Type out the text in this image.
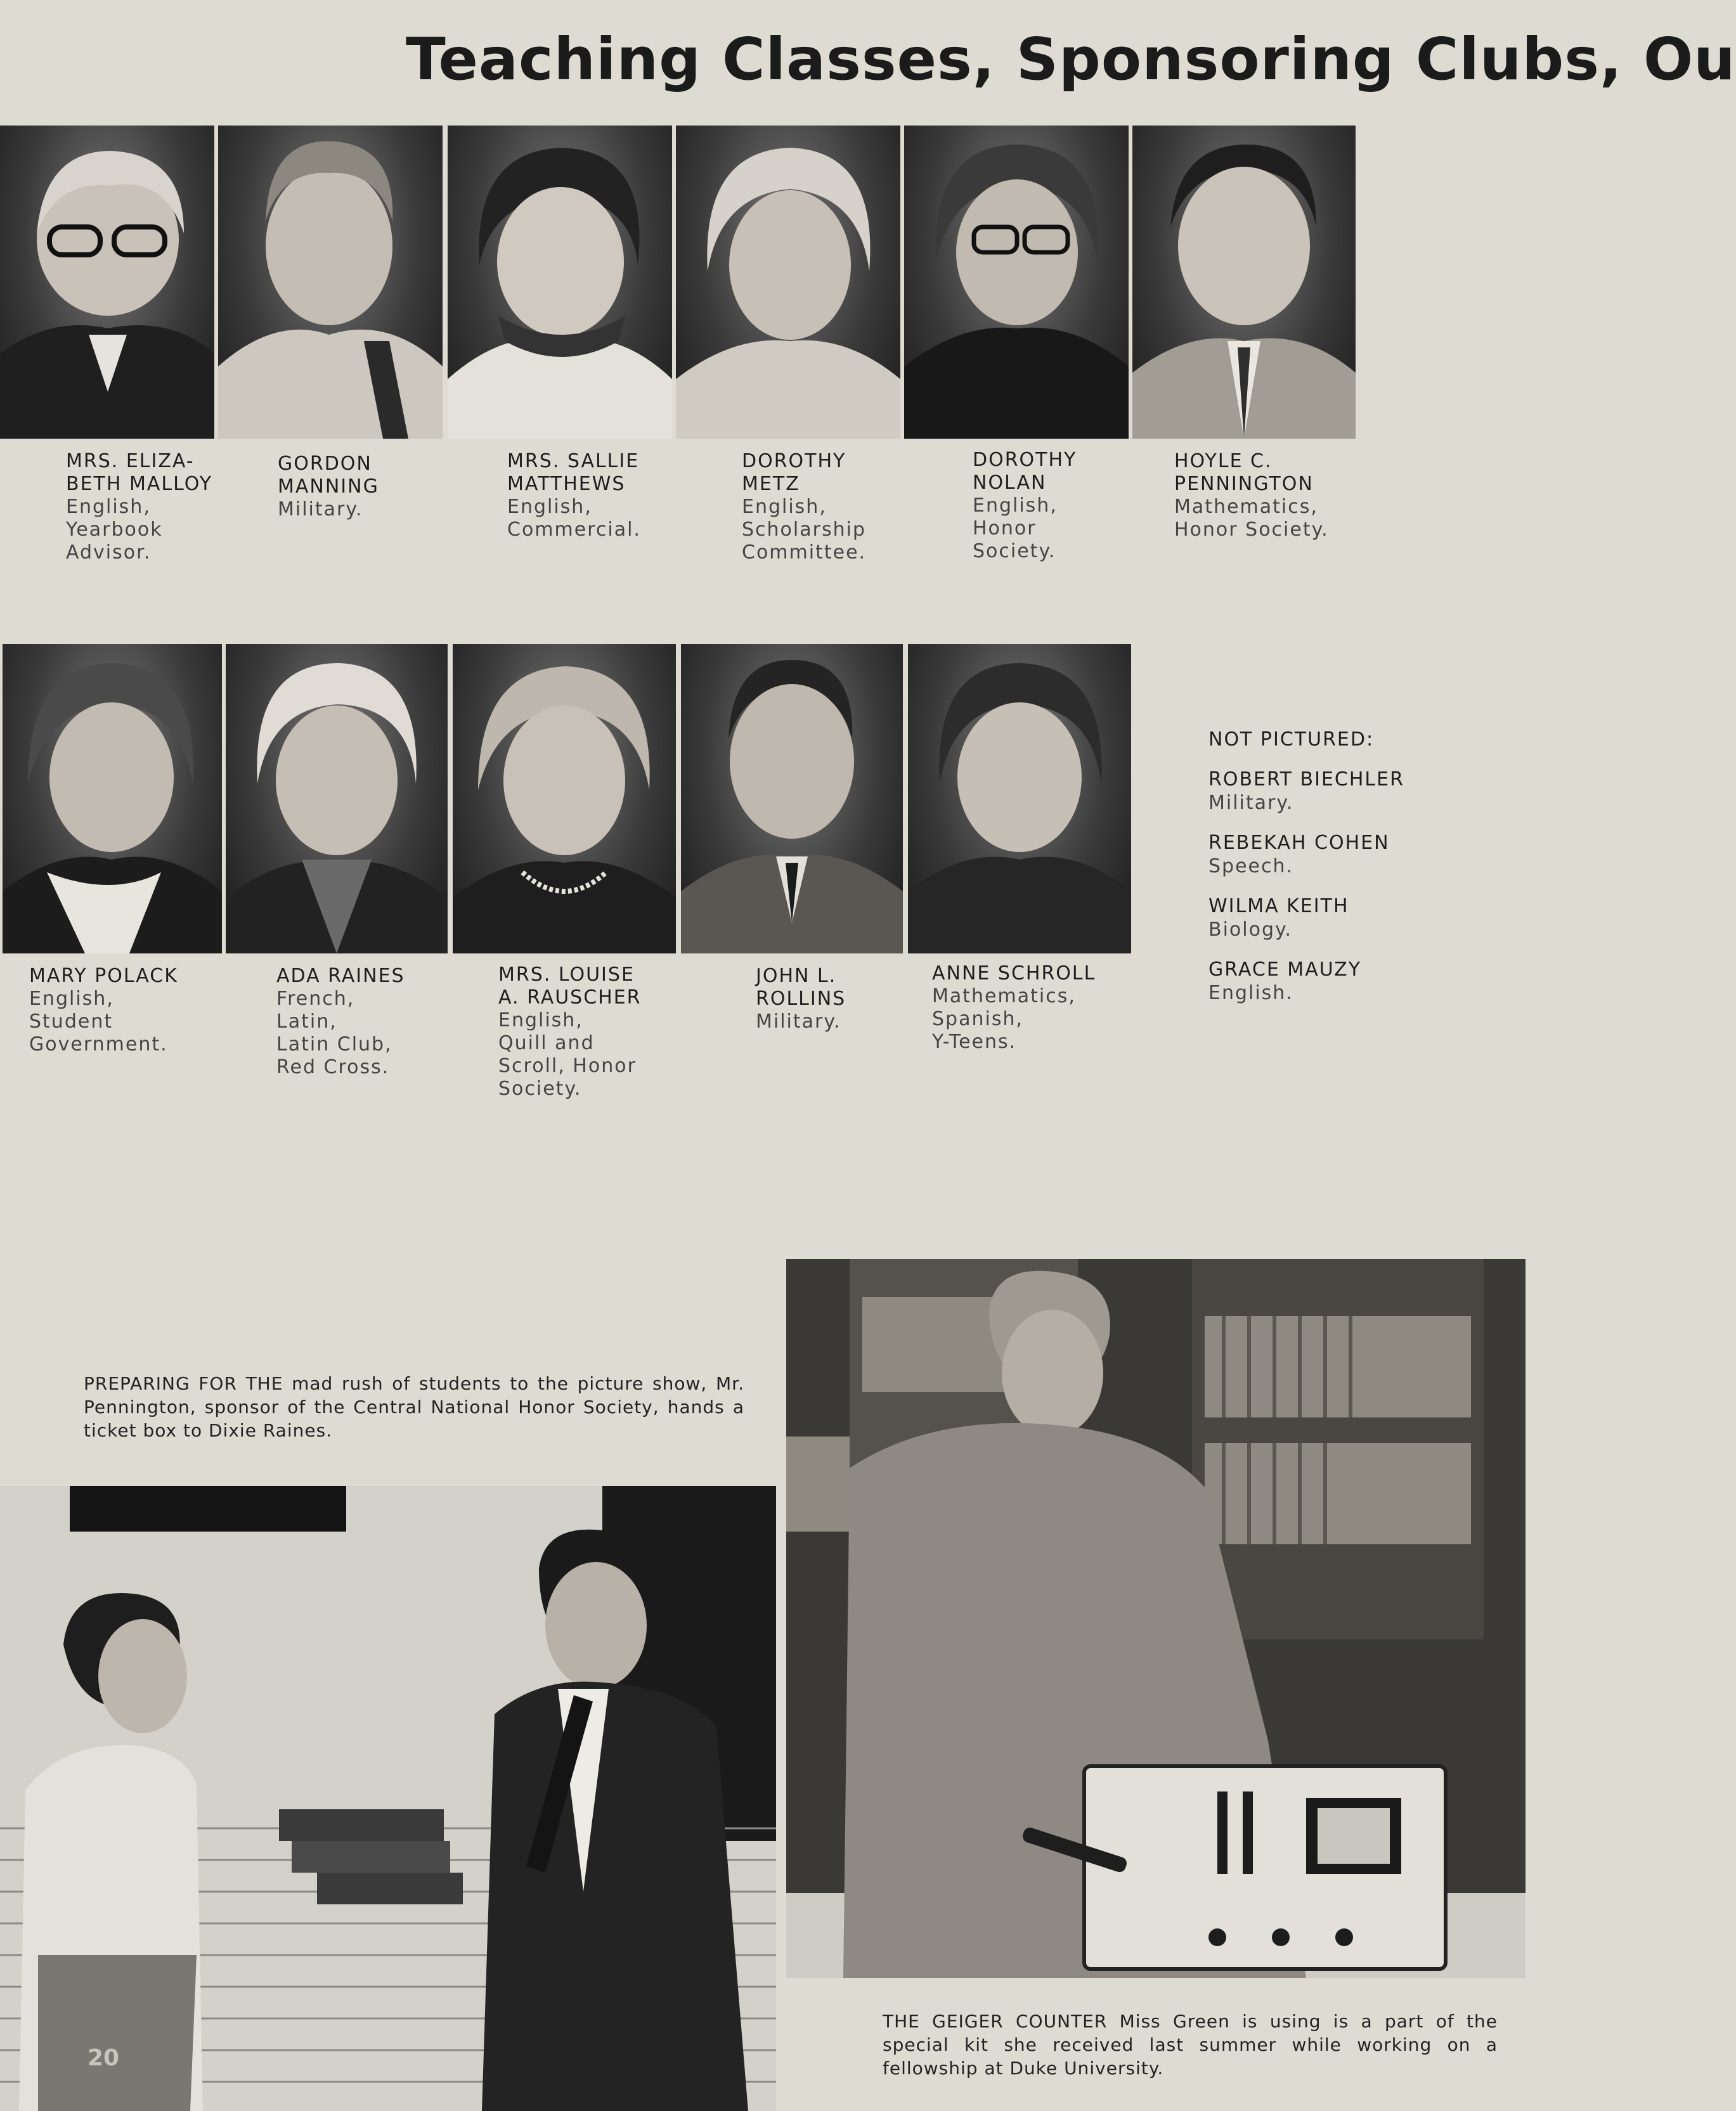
Teaching Classes, Sponsoring Clubs, Ou
MRS. ELIZA-
BETH MALLOY
English,
Yearbook
Advisor.
GORDON
MANNING
Military.
MRS. SALLIE
MATTHEWS
English,
Commercial.
DOROTHY
METZ
English,
Scholarship
Committee.
DOROTHY
NOLAN
English,
Honor
Society.
HOYLE C.
PENNINGTON
Mathematics,
Honor Society.
MARY POLACK
English,
Student
Government.
ADA RAINES
French,
Latin,
Latin Club,
Red Cross.
MRS. LOUISE
A. RAUSCHER
English,
Quill and
Scroll, Honor
Society.
JOHN L.
ROLLINS
Military.
ANNE SCHROLL
Mathematics,
Spanish,
Y-Teens.
NOT PICTURED:
ROBERT BIECHLER
Military.
REBEKAH COHEN
Speech.
WILMA KEITH
Biology.
GRACE MAUZY
English.
PREPARING FOR THE mad rush of students to the picture show, Mr. Pennington, sponsor of the Central National Honor Society, hands a ticket box to Dixie Raines.
THE GEIGER COUNTER Miss Green is using is a part of the special kit she received last summer while working on a fellowship at Duke University.
20
